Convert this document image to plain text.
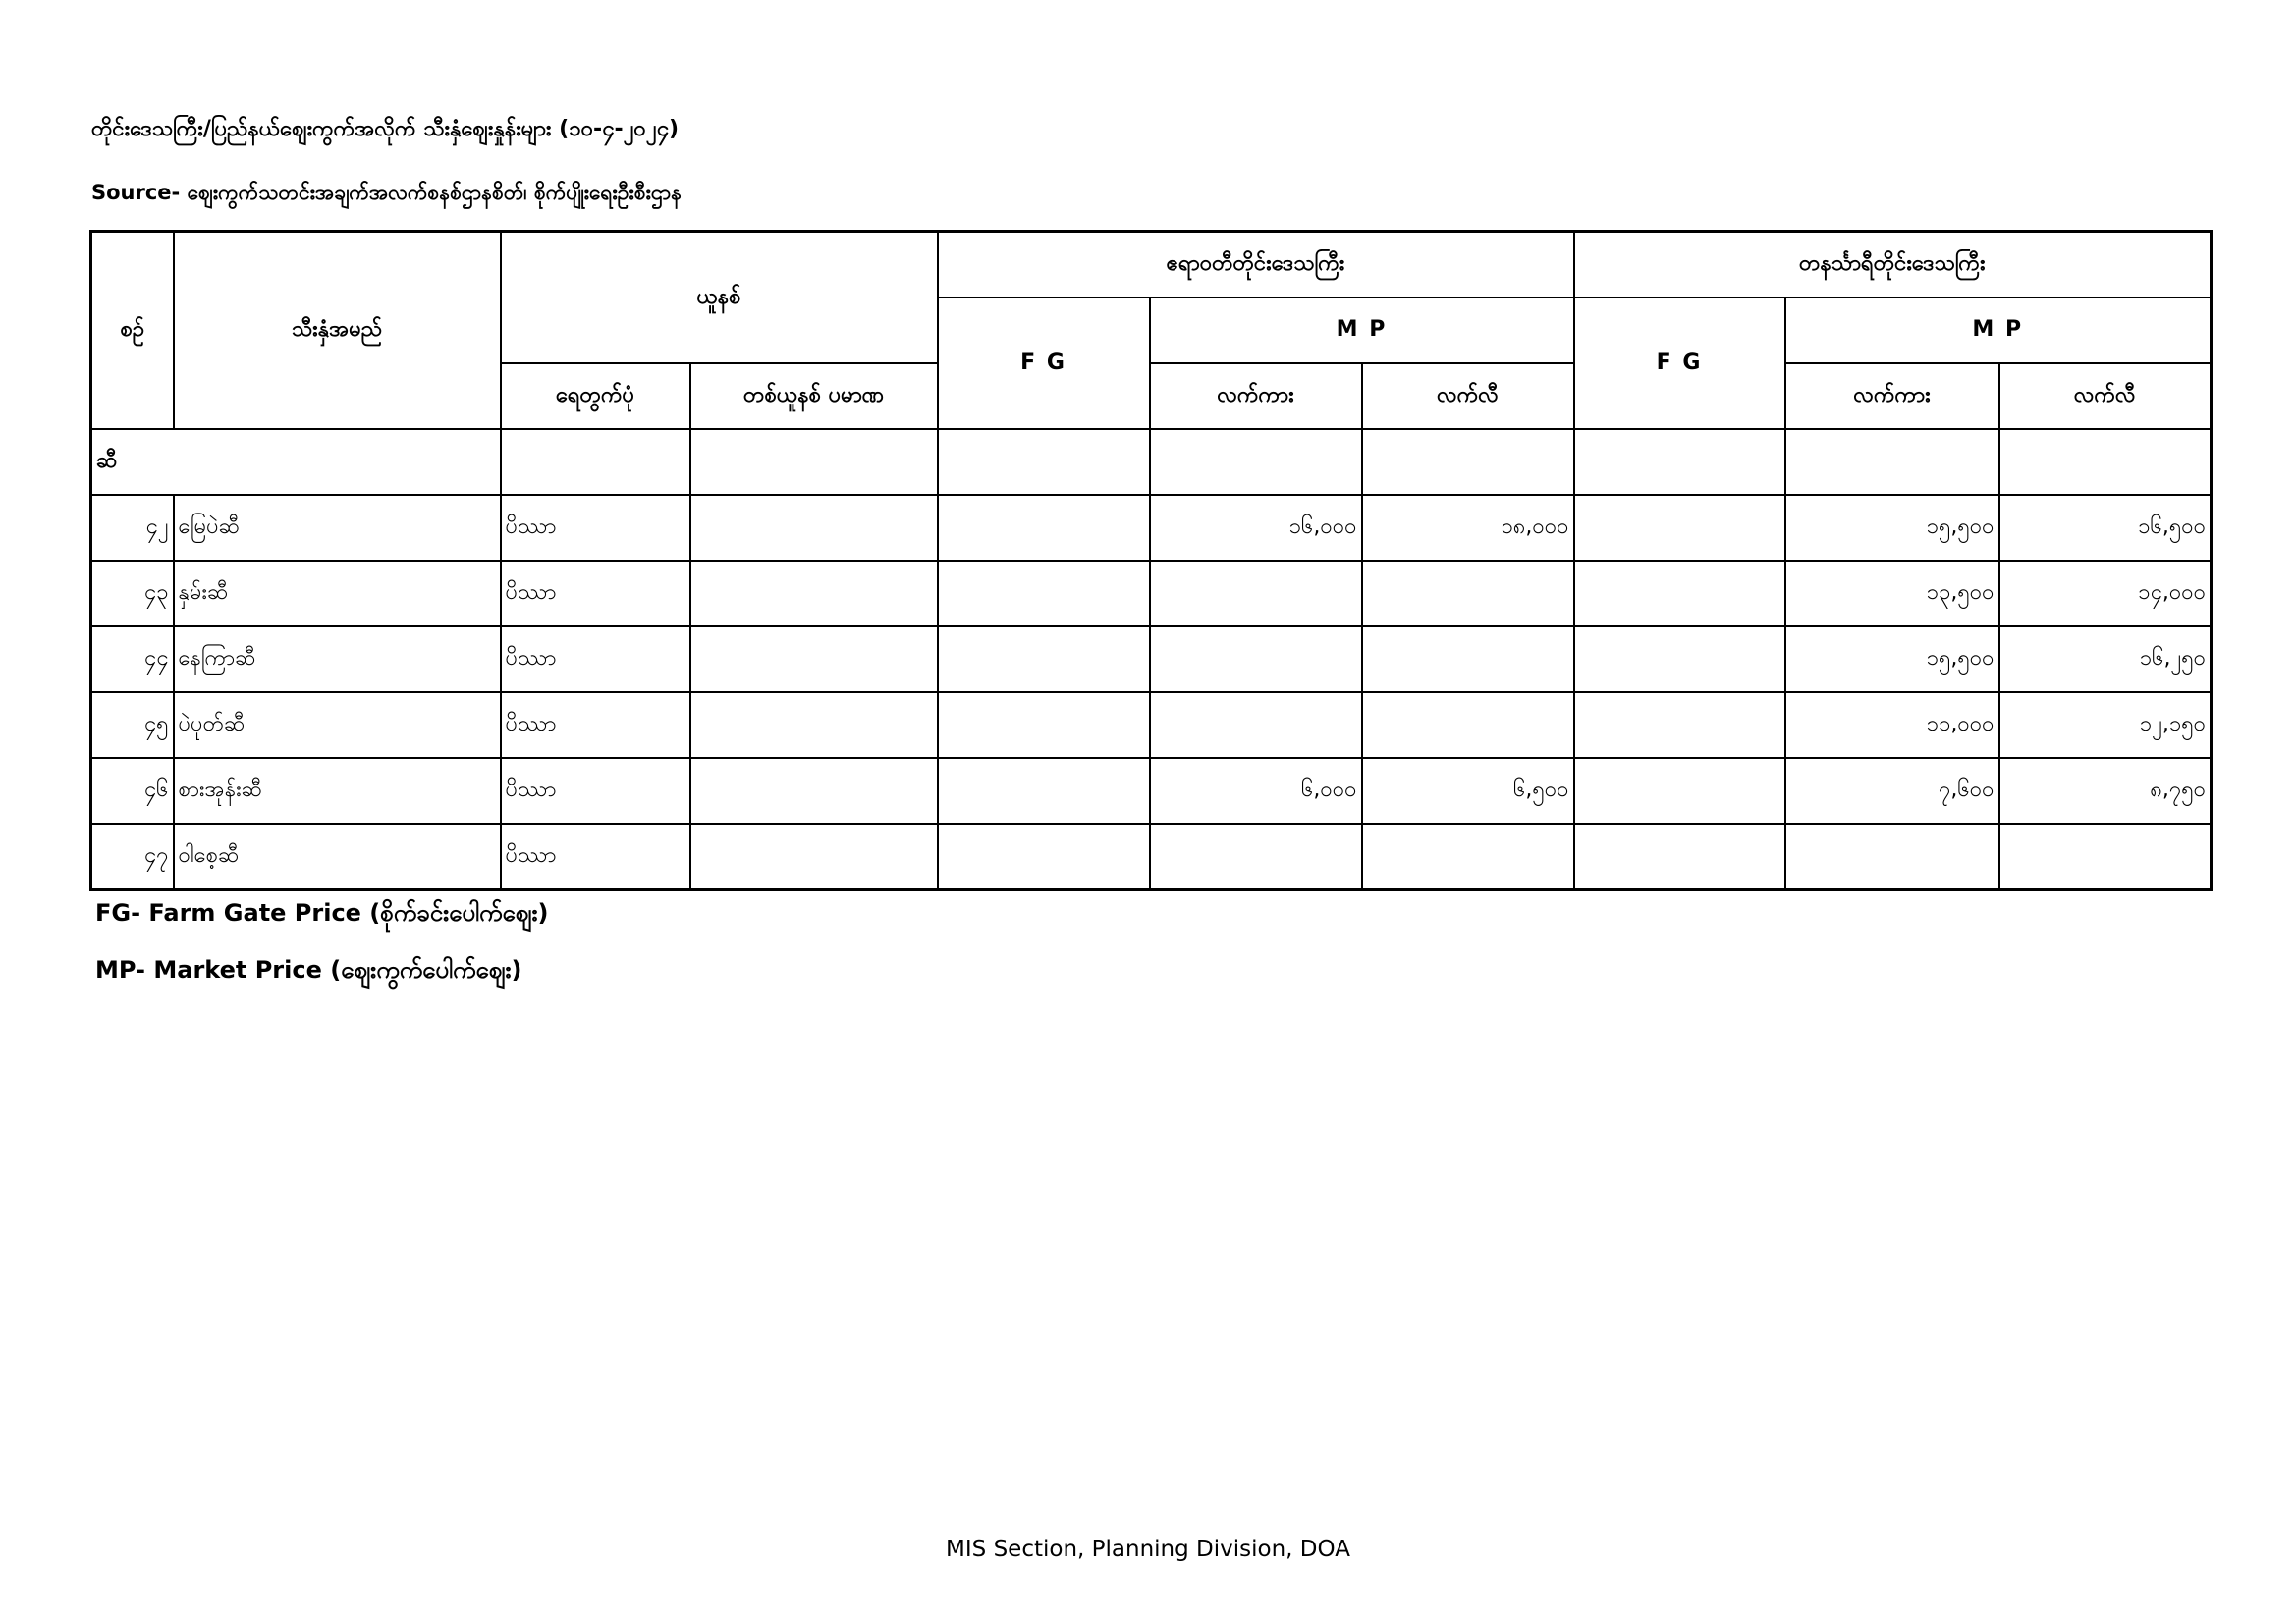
တိုင်းဒေသကြီး/ပြည်နယ်ဈေးကွက်အလိုက် သီးနှံဈေးနှုန်းများ (၁၀-၄-၂၀၂၄)
Source- ဈေးကွက်သတင်းအချက်အလက်စနစ်ဌာနစိတ်၊ စိုက်ပျိုးရေးဦးစီးဌာန
စဉ်	သီးနှံအမည်	ယူနစ်		ဧရာဝတီတိုင်းဒေသကြီး			တနင်္သာရီတိုင်းဒေသကြီး		
				F G	M P		F G	M P	
		ရေတွက်ပုံ	တစ်ယူနစ် ပမာဏ		လက်ကား	လက်လီ		လက်ကား	လက်လီ
ဆီ									
၄၂	မြေပဲဆီ	ပိဿာ			၁၆,၀၀၀	၁၈,၀၀၀		၁၅,၅၀၀	၁၆,၅၀၀
၄၃	နှမ်းဆီ	ပိဿာ						၁၃,၅၀၀	၁၄,၀၀၀
၄၄	နေကြာဆီ	ပိဿာ						၁၅,၅၀၀	၁၆,၂၅၀
၄၅	ပဲပုတ်ဆီ	ပိဿာ						၁၁,၀၀၀	၁၂,၁၅၀
၄၆	စားအုန်းဆီ	ပိဿာ			၆,၀၀၀	၆,၅၀၀		၇,၆၀၀	၈,၇၅၀
၄၇	ဝါစေ့ဆီ	ပိဿာ							
FG- Farm Gate Price (စိုက်ခင်းပေါက်ဈေး)
MP- Market Price (ဈေးကွက်ပေါက်ဈေး)
MIS Section, Planning Division, DOA
